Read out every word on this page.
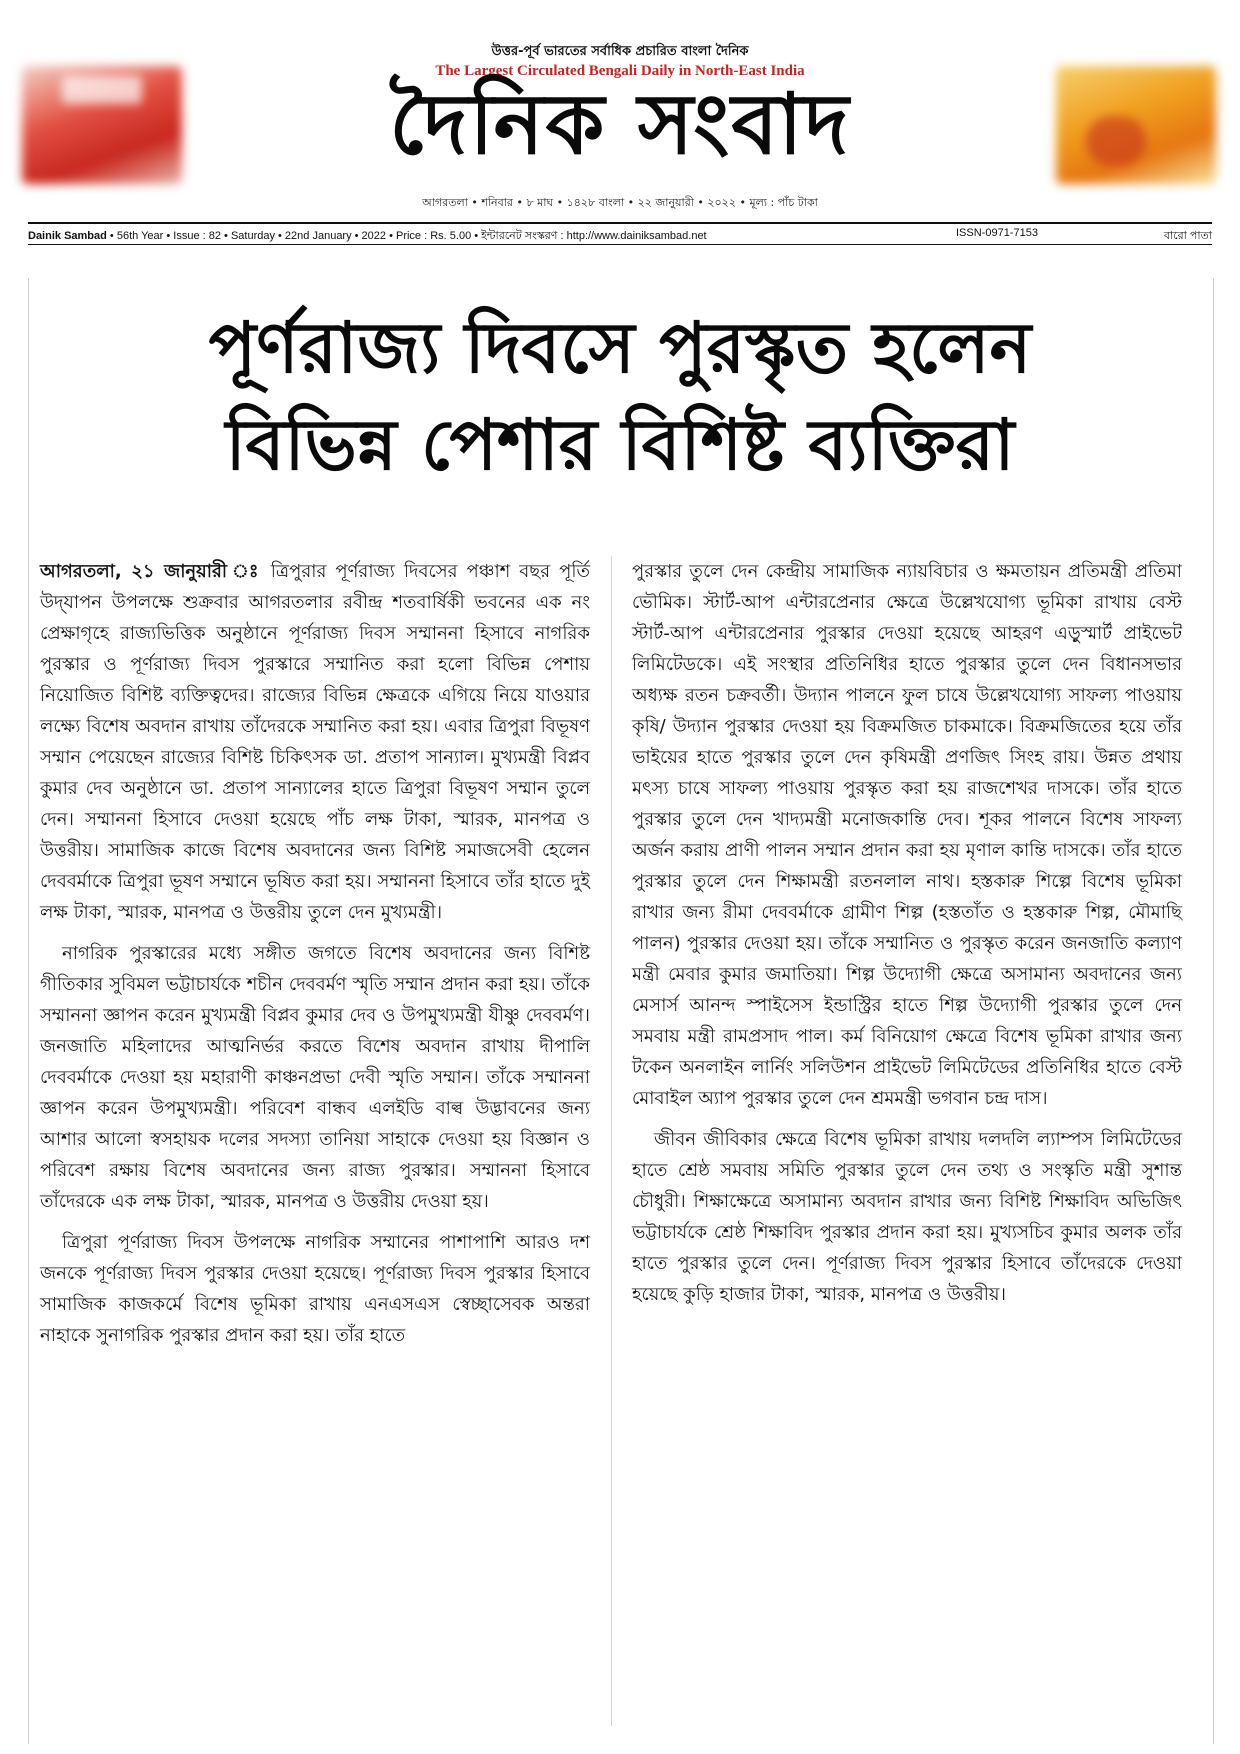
উত্তর-পূর্ব ভারতের সর্বাধিক প্রচারিত বাংলা দৈনিক
The Largest Circulated Bengali Daily in North-East India
দৈনিক সংবাদ
আগরতলা • শনিবার • ৮ মাঘ • ১৪২৮ বাংলা • ২২ জানুয়ারী • ২০২২ • মূল্য : পাঁচ টাকা
Dainik Sambad • 56th Year • Issue : 82 • Saturday • 22nd January • 2022 • Price : Rs. 5.00 • ইন্টারনেট সংস্করণ : http://www.dainiksambad.net	ISSN-0971-7153	বারো পাতা
পূর্ণরাজ্য দিবসে পুরস্কৃত হলেন
বিভিন্ন পেশার বিশিষ্ট ব্যক্তিরা

আগরতলা, ২১ জানুয়ারী ঃ ত্রিপুরার পূর্ণরাজ্য দিবসের পঞ্চাশ বছর পূর্তি উদ্‌যাপন উপলক্ষে শুক্রবার আগরতলার রবীন্দ্র শতবার্ষিকী ভবনের এক নং প্রেক্ষাগৃহে রাজ্যভিত্তিক অনুষ্ঠানে পূর্ণরাজ্য দিবস সম্মাননা হিসাবে নাগরিক পুরস্কার ও পূর্ণরাজ্য দিবস পুরস্কারে সম্মানিত করা হলো বিভিন্ন পেশায় নিয়োজিত বিশিষ্ট ব্যক্তিত্বদের। রাজ্যের বিভিন্ন ক্ষেত্রকে এগিয়ে নিয়ে যাওয়ার লক্ষ্যে বিশেষ অবদান রাখায় তাঁদেরকে সম্মানিত করা হয়। এবার ত্রিপুরা বিভূষণ সম্মান পেয়েছেন রাজ্যের বিশিষ্ট চিকিৎসক ডা. প্রতাপ সান্যাল। মুখ্যমন্ত্রী বিপ্লব কুমার দেব অনুষ্ঠানে ডা. প্রতাপ সান্যালের হাতে ত্রিপুরা বিভূষণ সম্মান তুলে দেন। সম্মাননা হিসাবে দেওয়া হয়েছে পাঁচ লক্ষ টাকা, স্মারক, মানপত্র ও উত্তরীয়। সামাজিক কাজে বিশেষ অবদানের জন্য বিশিষ্ট সমাজসেবী হেলেন দেববর্মাকে ত্রিপুরা ভূষণ সম্মানে ভূষিত করা হয়। সম্মাননা হিসাবে তাঁর হাতে দুই লক্ষ টাকা, স্মারক, মানপত্র ও উত্তরীয় তুলে দেন মুখ্যমন্ত্রী।

নাগরিক পুরস্কারের মধ্যে সঙ্গীত জগতে বিশেষ অবদানের জন্য বিশিষ্ট গীতিকার সুবিমল ভট্টাচার্যকে শচীন দেববর্মণ স্মৃতি সম্মান প্রদান করা হয়। তাঁকে সম্মাননা জ্ঞাপন করেন মুখ্যমন্ত্রী বিপ্লব কুমার দেব ও উপমুখ্যমন্ত্রী যীষ্ণু দেববর্মণ। জনজাতি মহিলাদের আত্মনির্ভর করতে বিশেষ অবদান রাখায় দীপালি দেববর্মাকে দেওয়া হয় মহারাণী কাঞ্চনপ্রভা দেবী স্মৃতি সম্মান। তাঁকে সম্মাননা জ্ঞাপন করেন উপমুখ্যমন্ত্রী। পরিবেশ বান্ধব এলইডি বাল্ব উদ্ভাবনের জন্য আশার আলো স্বসহায়ক দলের সদস্যা তানিয়া সাহাকে দেওয়া হয় বিজ্ঞান ও পরিবেশ রক্ষায় বিশেষ অবদানের জন্য রাজ্য পুরস্কার। সম্মাননা হিসাবে তাঁদেরকে এক লক্ষ টাকা, স্মারক, মানপত্র ও উত্তরীয় দেওয়া হয়।

ত্রিপুরা পূর্ণরাজ্য দিবস উপলক্ষে নাগরিক সম্মানের পাশাপাশি আরও দশ জনকে পূর্ণরাজ্য দিবস পুরস্কার দেওয়া হয়েছে। পূর্ণরাজ্য দিবস পুরস্কার হিসাবে সামাজিক কাজকর্মে বিশেষ ভূমিকা রাখায় এনএসএস স্বেচ্ছাসেবক অন্তরা নাহাকে সুনাগরিক পুরস্কার প্রদান করা হয়। তাঁর হাতে

পুরস্কার তুলে দেন কেন্দ্রীয় সামাজিক ন্যায়বিচার ও ক্ষমতায়ন প্রতিমন্ত্রী প্রতিমা ভৌমিক। স্টার্ট-আপ এন্টারপ্রেনার ক্ষেত্রে উল্লেখযোগ্য ভূমিকা রাখায় বেস্ট স্টার্ট-আপ এন্টারপ্রেনার পুরস্কার দেওয়া হয়েছে আহরণ এড়ুস্মার্ট প্রাইভেট লিমিটেডকে। এই সংস্থার প্রতিনিধির হাতে পুরস্কার তুলে দেন বিধানসভার অধ্যক্ষ রতন চক্রবর্তী। উদ্যান পালনে ফুল চাষে উল্লেখযোগ্য সাফল্য পাওয়ায় কৃষি/ উদ্যান পুরস্কার দেওয়া হয় বিক্রমজিত চাকমাকে। বিক্রমজিতের হয়ে তাঁর ভাইয়ের হাতে পুরস্কার তুলে দেন কৃষিমন্ত্রী প্রণজিৎ সিংহ রায়। উন্নত প্রথায় মৎস্য চাষে সাফল্য পাওয়ায় পুরস্কৃত করা হয় রাজশেখর দাসকে। তাঁর হাতে পুরস্কার তুলে দেন খাদ্যমন্ত্রী মনোজকান্তি দেব। শূকর পালনে বিশেষ সাফল্য অর্জন করায় প্রাণী পালন সম্মান প্রদান করা হয় মৃণাল কান্তি দাসকে। তাঁর হাতে পুরস্কার তুলে দেন শিক্ষামন্ত্রী রতনলাল নাথ। হস্তকারু শিল্পে বিশেষ ভূমিকা রাখার জন্য রীমা দেববর্মাকে গ্রামীণ শিল্প (হস্ততাঁত ও হস্তকারু শিল্প, মৌমাছি পালন) পুরস্কার দেওয়া হয়। তাঁকে সম্মানিত ও পুরস্কৃত করেন জনজাতি কল্যাণ মন্ত্রী মেবার কুমার জমাতিয়া। শিল্প উদ্যোগী ক্ষেত্রে অসামান্য অবদানের জন্য মেসার্স আনন্দ স্পাইসেস ইন্ডাস্ট্রির হাতে শিল্প উদ্যোগী পুরস্কার তুলে দেন সমবায় মন্ত্রী রামপ্রসাদ পাল। কর্ম বিনিয়োগ ক্ষেত্রে বিশেষ ভূমিকা রাখার জন্য টকেন অনলাইন লার্নিং সলিউশন প্রাইভেট লিমিটেডের প্রতিনিধির হাতে বেস্ট মোবাইল অ্যাপ পুরস্কার তুলে দেন শ্রমমন্ত্রী ভগবান চন্দ্র দাস।

জীবন জীবিকার ক্ষেত্রে বিশেষ ভূমিকা রাখায় দলদলি ল্যাম্পস লিমিটেডের হাতে শ্রেষ্ঠ সমবায় সমিতি পুরস্কার তুলে দেন তথ্য ও সংস্কৃতি মন্ত্রী সুশান্ত চৌধুরী। শিক্ষাক্ষেত্রে অসামান্য অবদান রাখার জন্য বিশিষ্ট শিক্ষাবিদ অভিজিৎ ভট্টাচার্যকে শ্রেষ্ঠ শিক্ষাবিদ পুরস্কার প্রদান করা হয়। মুখ্যসচিব কুমার অলক তাঁর হাতে পুরস্কার তুলে দেন। পূর্ণরাজ্য দিবস পুরস্কার হিসাবে তাঁদেরকে দেওয়া হয়েছে কুড়ি হাজার টাকা, স্মারক, মানপত্র ও উত্তরীয়।
